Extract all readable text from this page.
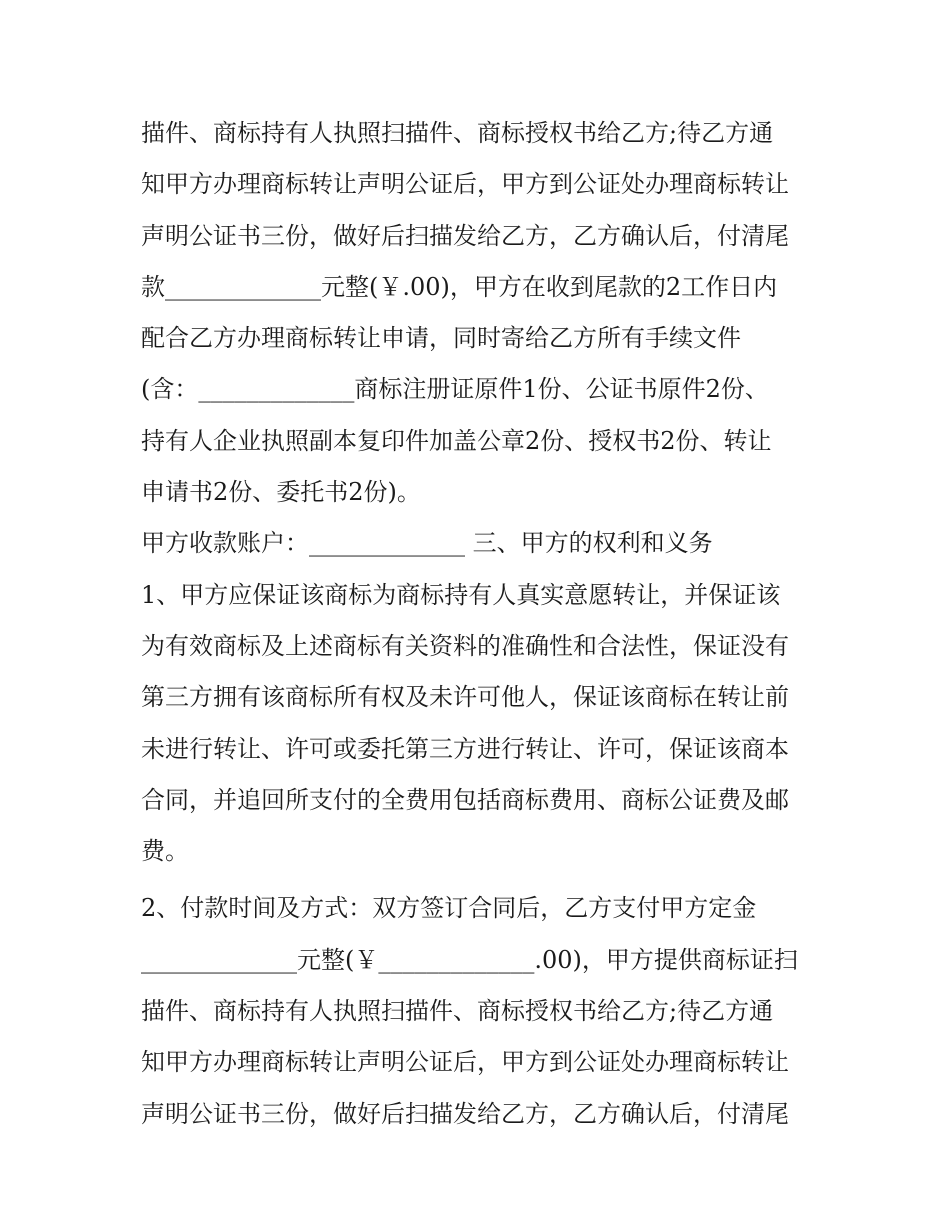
描件、商标持有人执照扫描件、商标授权书给乙方;待乙方通
知甲方办理商标转让声明公证后，甲方到公证处办理商标转让
声明公证书三份，做好后扫描发给乙方，乙方确认后，付清尾
款_____________元整(￥.00)，甲方在收到尾款的2工作日内
配合乙方办理商标转让申请，同时寄给乙方所有手续文件
(含：_____________商标注册证原件1份、公证书原件2份、
持有人企业执照副本复印件加盖公章2份、授权书2份、转让
申请书2份、委托书2份)。
甲方收款账户：_____________ 三、甲方的权利和义务
1、甲方应保证该商标为商标持有人真实意愿转让，并保证该
为有效商标及上述商标有关资料的准确性和合法性，保证没有
第三方拥有该商标所有权及未许可他人，保证该商标在转让前
未进行转让、许可或委托第三方进行转让、许可，保证该商本
合同，并追回所支付的全费用包括商标费用、商标公证费及邮
费。
2、付款时间及方式：双方签订合同后，乙方支付甲方定金
_____________元整(￥_____________.00)，甲方提供商标证扫
描件、商标持有人执照扫描件、商标授权书给乙方;待乙方通
知甲方办理商标转让声明公证后，甲方到公证处办理商标转让
声明公证书三份，做好后扫描发给乙方，乙方确认后，付清尾
